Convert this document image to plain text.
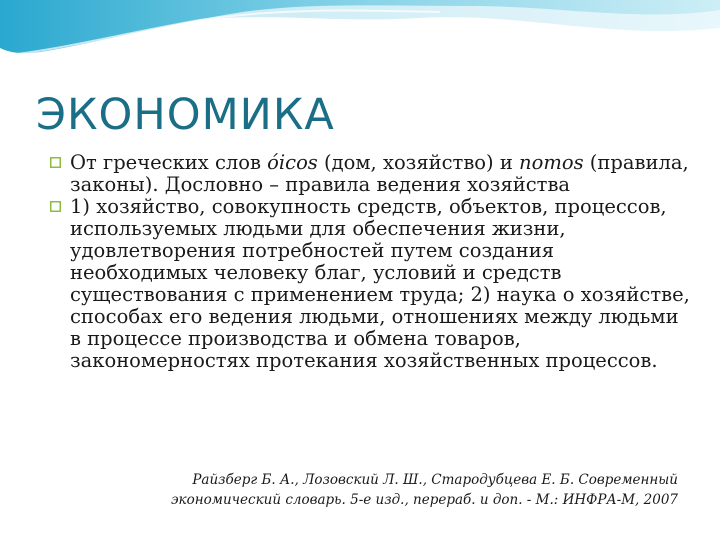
ЭКОНОМИКА
От греческих слов óicos (дом, хозяйство) и nomos (правила, законы). Дословно – правила ведения хозяйства
1) хозяйство, совокупность средств, объектов, процессов, используемых людьми для обеспечения жизни, удовлетворения потребностей путем создания необходимых человеку благ, условий и средств существования с применением труда; 2) наука о хозяйстве, способах его ведения людьми, отношениях между людьми в процессе производства и обмена товаров, закономерностях протекания хозяйственных процессов.
Райзберг Б. А., Лозовский Л. Ш., Стародубцева Е. Б. Современный
экономический словарь. 5-е изд., перераб. и доп. - М.: ИНФРА-М, 2007
